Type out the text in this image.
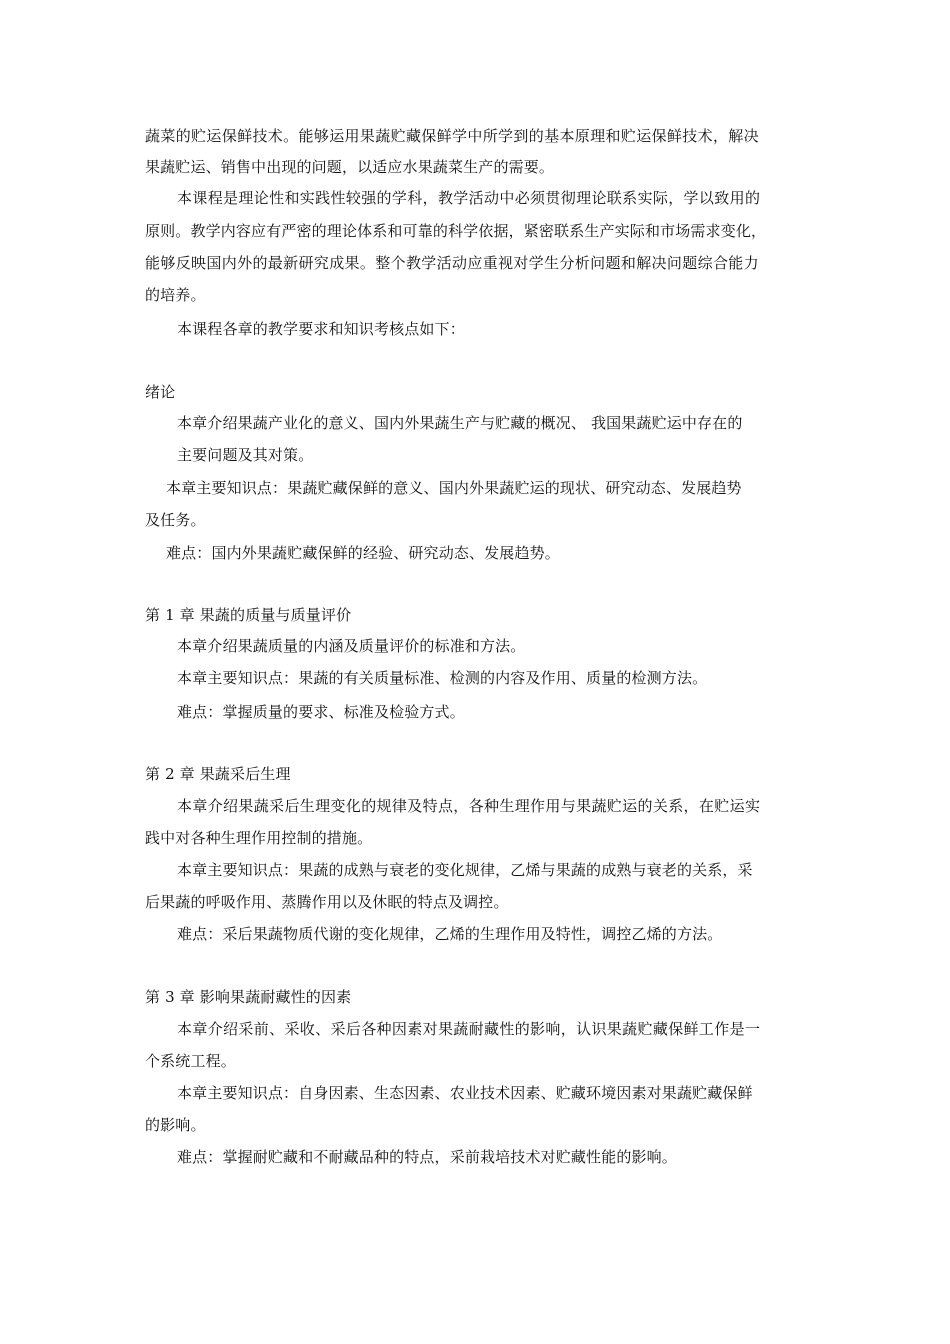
蔬菜的贮运保鲜技术。能够运用果蔬贮藏保鲜学中所学到的基本原理和贮运保鲜技术，解决
果蔬贮运、销售中出现的问题，以适应水果蔬菜生产的需要。
本课程是理论性和实践性较强的学科，教学活动中必须贯彻理论联系实际，学以致用的
原则。教学内容应有严密的理论体系和可靠的科学依据，紧密联系生产实际和市场需求变化，
能够反映国内外的最新研究成果。整个教学活动应重视对学生分析问题和解决问题综合能力
的培养。
本课程各章的教学要求和知识考核点如下：
绪论
本章介绍果蔬产业化的意义、国内外果蔬生产与贮藏的概况、 我国果蔬贮运中存在的
主要问题及其对策。
本章主要知识点：果蔬贮藏保鲜的意义、国内外果蔬贮运的现状、研究动态、发展趋势
及任务。
难点：国内外果蔬贮藏保鲜的经验、研究动态、发展趋势。
第 1 章 果蔬的质量与质量评价
本章介绍果蔬质量的内涵及质量评价的标准和方法。
本章主要知识点：果蔬的有关质量标准、检测的内容及作用、质量的检测方法。
难点：掌握质量的要求、标准及检验方式。
第 2 章 果蔬采后生理
本章介绍果蔬采后生理变化的规律及特点，各种生理作用与果蔬贮运的关系，在贮运实
践中对各种生理作用控制的措施。
本章主要知识点：果蔬的成熟与衰老的变化规律，乙烯与果蔬的成熟与衰老的关系，采
后果蔬的呼吸作用、蒸腾作用以及休眠的特点及调控。
难点：采后果蔬物质代谢的变化规律，乙烯的生理作用及特性，调控乙烯的方法。
第 3 章 影响果蔬耐藏性的因素
本章介绍采前、采收、采后各种因素对果蔬耐藏性的影响，认识果蔬贮藏保鲜工作是一
个系统工程。
本章主要知识点：自身因素、生态因素、农业技术因素、贮藏环境因素对果蔬贮藏保鲜
的影响。
难点：掌握耐贮藏和不耐藏品种的特点，采前栽培技术对贮藏性能的影响。
